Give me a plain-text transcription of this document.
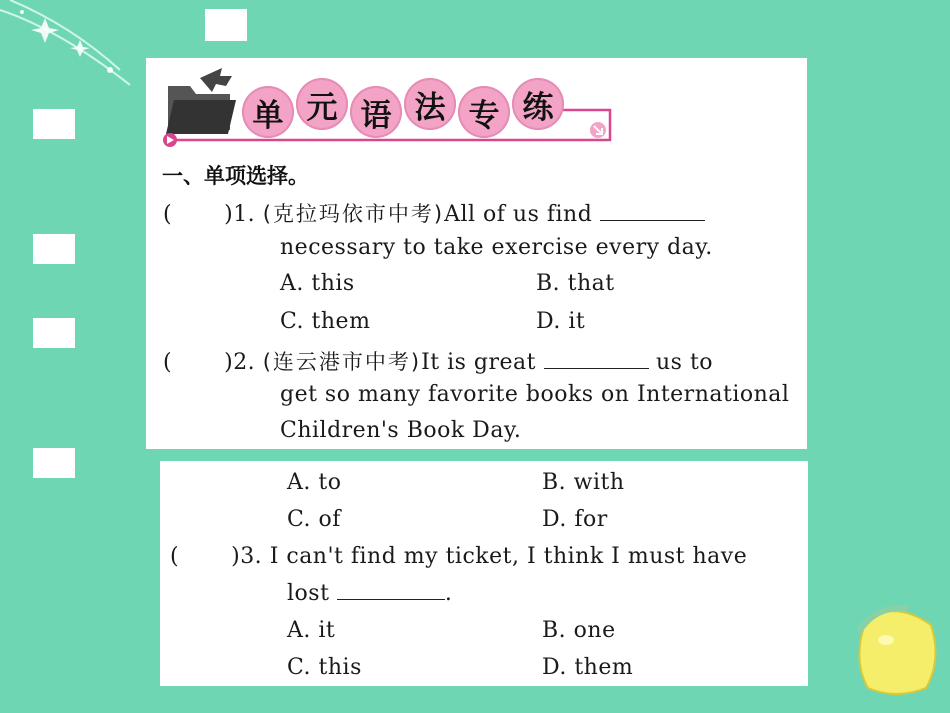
单 元 语 法 专 练
一、单项选择。
( )1. (克拉玛依市中考)All of us find
necessary to take exercise every day.
A. this	B. that
C. them	D. it
( )2. (连云港市中考)It is great	us to
get so many favorite books on International
Children's Book Day.
A. to	B. with
C. of	D. for
( )3. I can't find my ticket, I think I must have
lost	.
A. it	B. one
C. this	D. them
